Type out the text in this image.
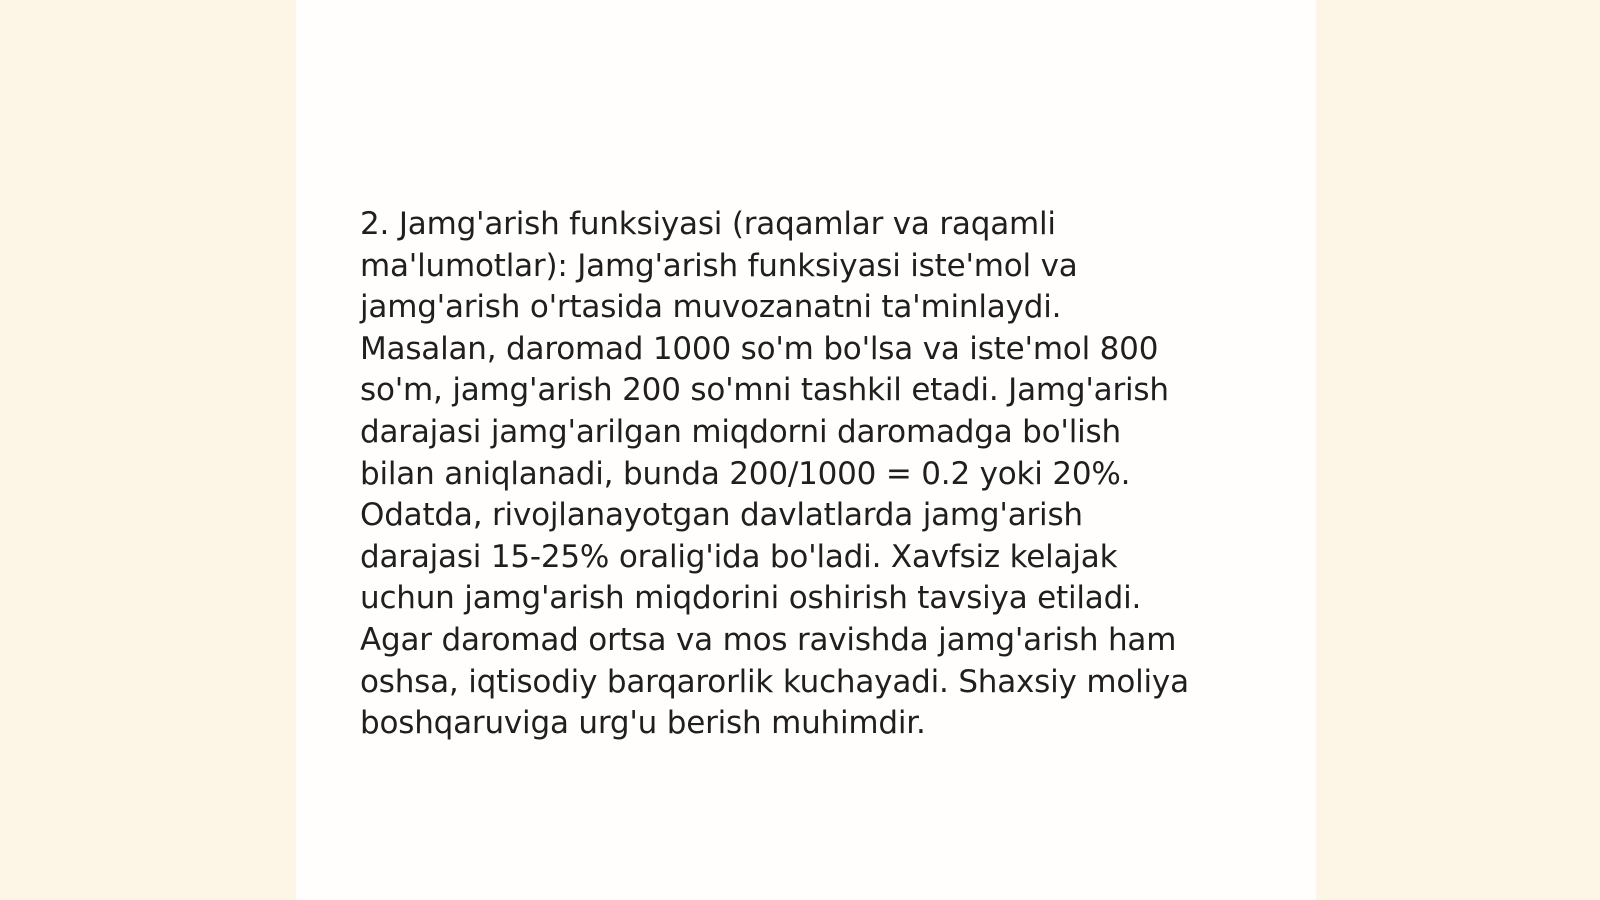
2. Jamg'arish funksiyasi (raqamlar va raqamli
ma'lumotlar): Jamg'arish funksiyasi iste'mol va
jamg'arish o'rtasida muvozanatni ta'minlaydi.
Masalan, daromad 1000 so'm bo'lsa va iste'mol 800
so'm, jamg'arish 200 so'mni tashkil etadi. Jamg'arish
darajasi jamg'arilgan miqdorni daromadga bo'lish
bilan aniqlanadi, bunda 200/1000 = 0.2 yoki 20%.
Odatda, rivojlanayotgan davlatlarda jamg'arish
darajasi 15-25% oralig'ida bo'ladi. Xavfsiz kelajak
uchun jamg'arish miqdorini oshirish tavsiya etiladi.
Agar daromad ortsa va mos ravishda jamg'arish ham
oshsa, iqtisodiy barqarorlik kuchayadi. Shaxsiy moliya
boshqaruviga urg'u berish muhimdir.
